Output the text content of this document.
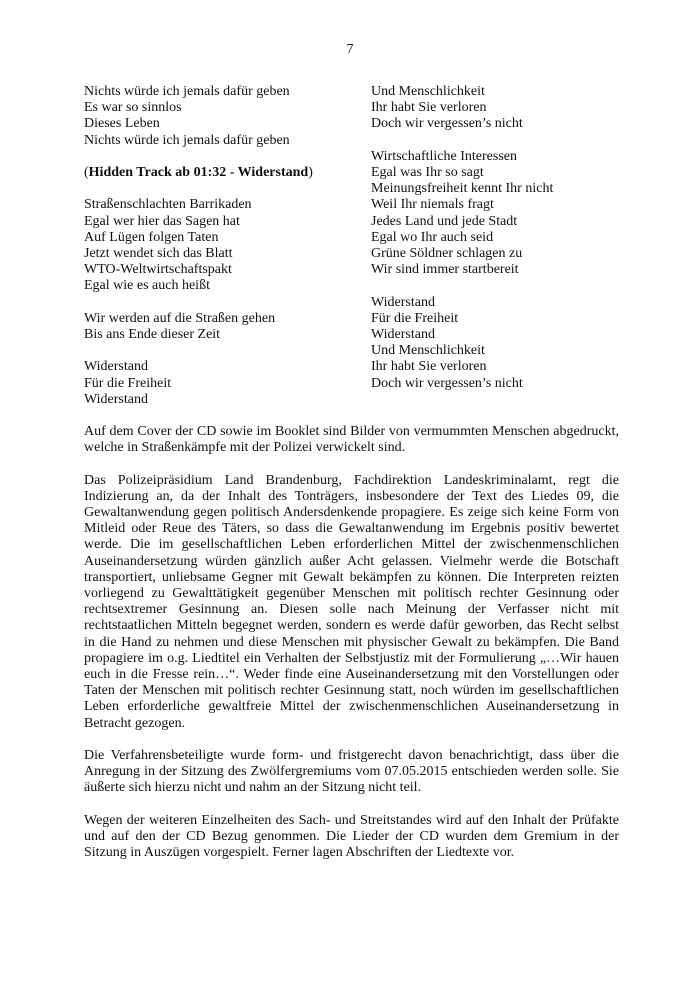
7
Nichts würde ich jemals dafür geben
Es war so sinnlos
Dieses Leben
Nichts würde ich jemals dafür geben
(Hidden Track ab 01:32 - Widerstand)
Straßenschlachten Barrikaden
Egal wer hier das Sagen hat
Auf Lügen folgen Taten
Jetzt wendet sich das Blatt
WTO-Weltwirtschaftspakt
Egal wie es auch heißt
Wir werden auf die Straßen gehen
Bis ans Ende dieser Zeit
Widerstand
Für die Freiheit
Widerstand
Und Menschlichkeit
Ihr habt Sie verloren
Doch wir vergessen’s nicht
Wirtschaftliche Interessen
Egal was Ihr so sagt
Meinungsfreiheit kennt Ihr nicht
Weil Ihr niemals fragt
Jedes Land und jede Stadt
Egal wo Ihr auch seid
Grüne Söldner schlagen zu
Wir sind immer startbereit
Widerstand
Für die Freiheit
Widerstand
Und Menschlichkeit
Ihr habt Sie verloren
Doch wir vergessen’s nicht

Auf dem Cover der CD sowie im Booklet sind Bilder von vermummten Menschen abgedruckt, welche in Straßenkämpfe mit der Polizei verwickelt sind.

Das Polizeipräsidium Land Brandenburg, Fachdirektion Landeskriminalamt, regt die Indizierung an, da der Inhalt des Tonträgers, insbesondere der Text des Liedes 09, die Gewaltanwendung gegen politisch Andersdenkende propagiere. Es zeige sich keine Form von Mitleid oder Reue des Täters, so dass die Gewaltanwendung im Ergebnis positiv bewertet werde. Die im gesellschaftlichen Leben erforderlichen Mittel der zwischenmenschlichen Auseinandersetzung würden gänzlich außer Acht gelassen. Vielmehr werde die Botschaft transportiert, unliebsame Gegner mit Gewalt bekämpfen zu können. Die Interpreten reizten vorliegend zu Gewalttätigkeit gegenüber Menschen mit politisch rechter Gesinnung oder rechtsextremer Gesinnung an. Diesen solle nach Meinung der Verfasser nicht mit rechtstaatlichen Mitteln begegnet werden, sondern es werde dafür geworben, das Recht selbst in die Hand zu nehmen und diese Menschen mit physischer Gewalt zu bekämpfen. Die Band propagiere im o.g. Liedtitel ein Verhalten der Selbstjustiz mit der Formulierung „…Wir hauen euch in die Fresse rein…“. Weder finde eine Auseinandersetzung mit den Vorstellungen oder Taten der Menschen mit politisch rechter Gesinnung statt, noch würden im gesellschaftlichen Leben erforderliche gewaltfreie Mittel der zwischenmenschlichen Auseinandersetzung in Betracht gezogen.

Die Verfahrensbeteiligte wurde form- und fristgerecht davon benachrichtigt, dass über die Anregung in der Sitzung des Zwölfergremiums vom 07.05.2015 entschieden werden solle. Sie äußerte sich hierzu nicht und nahm an der Sitzung nicht teil.

Wegen der weiteren Einzelheiten des Sach- und Streitstandes wird auf den Inhalt der Prüfakte und auf den der CD Bezug genommen. Die Lieder der CD wurden dem Gremium in der Sitzung in Auszügen vorgespielt. Ferner lagen Abschriften der Liedtexte vor.
